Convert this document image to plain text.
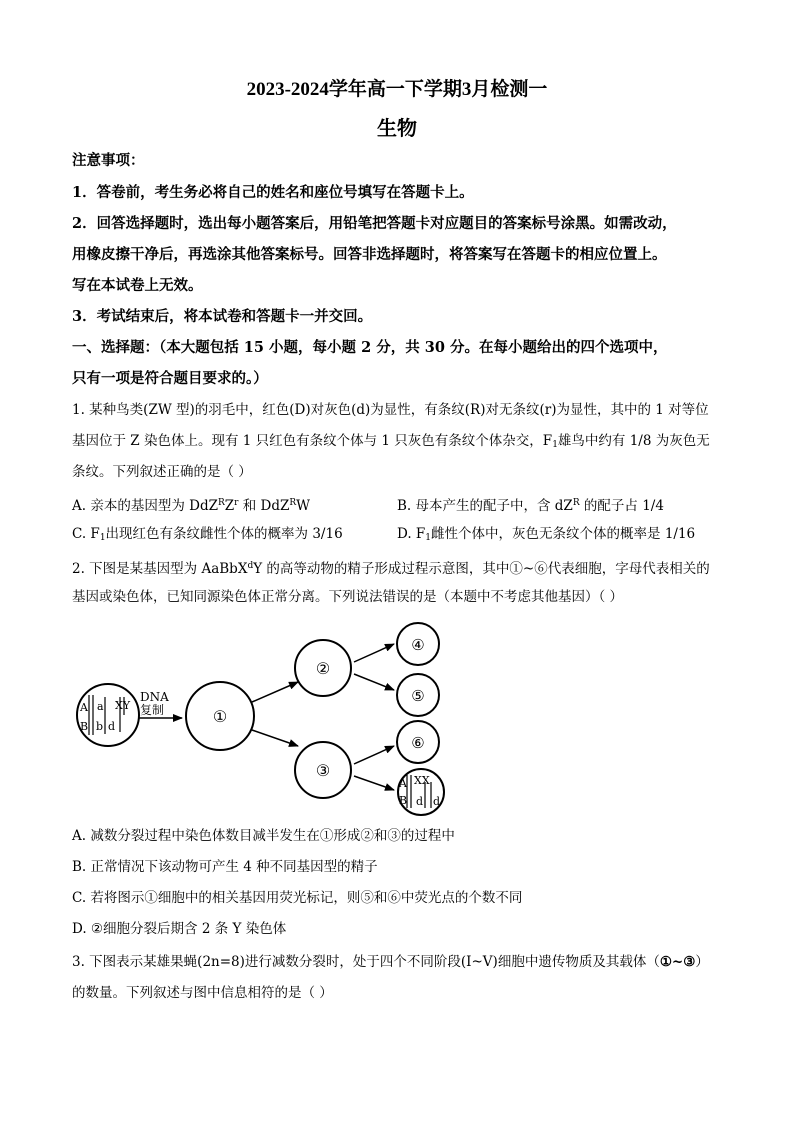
2023-2024学年高一下学期3月检测一
生物
注意事项：
1．答卷前，考生务必将自己的姓名和座位号填写在答题卡上。
2．回答选择题时，选出每小题答案后，用铅笔把答题卡对应题目的答案标号涂黑。如需改动，
用橡皮擦干净后，再选涂其他答案标号。回答非选择题时，将答案写在答题卡的相应位置上。
写在本试卷上无效。
3．考试结束后，将本试卷和答题卡一并交回。
一、选择题：（本大题包括 15 小题，每小题 2 分，共 30 分。在每小题给出的四个选项中，
只有一项是符合题目要求的。）
1. 某种鸟类(ZW 型)的羽毛中，红色(D)对灰色(d)为显性，有条纹(R)对无条纹(r)为显性，其中的 1 对等位
基因位于 Z 染色体上。现有 1 只红色有条纹个体与 1 只灰色有条纹个体杂交，$F_1$雄鸟中约有 1/8 为灰色无
条纹。下列叙述正确的是（ ）
A. 亲本的基因型为 $DdZ^RZ^r$ 和 DdZ$^R$W	B. 母本产生的配子中，含 $dZ^R$ 的配子占 1/4
C. $F_1$出现红色有条纹雌性个体的概率为 3/16	D. $F_1$雌性个体中，灰色无条纹个体的概率是 1/16
2. 下图是某基因型为 AaBbX$^d$Y 的高等动物的精子形成过程示意图，其中①~⑥代表细胞，字母代表相关的
基因或染色体，已知同源染色体正常分离。下列说法错误的是（本题中不考虑其他基因）（ ）
A
B
a XY
b d
DNA
复制	①
②
③
④
⑤
⑥
A XX
B d d
A. 减数分裂过程中染色体数目减半发生在①形成②和③的过程中
B. 正常情况下该动物可产生 4 种不同基因型的精子
C. 若将图示①细胞中的相关基因用荧光标记，则⑤和⑥中荧光点的个数不同
D. ②细胞分裂后期含 2 条 Y 染色体
3. 下图表示某雄果蝇(2n=8)进行减数分裂时，处于四个不同阶段(Ⅰ~Ⅴ)细胞中遗传物质及其载体（①~③）
的数量。下列叙述与图中信息相符的是（ ）
